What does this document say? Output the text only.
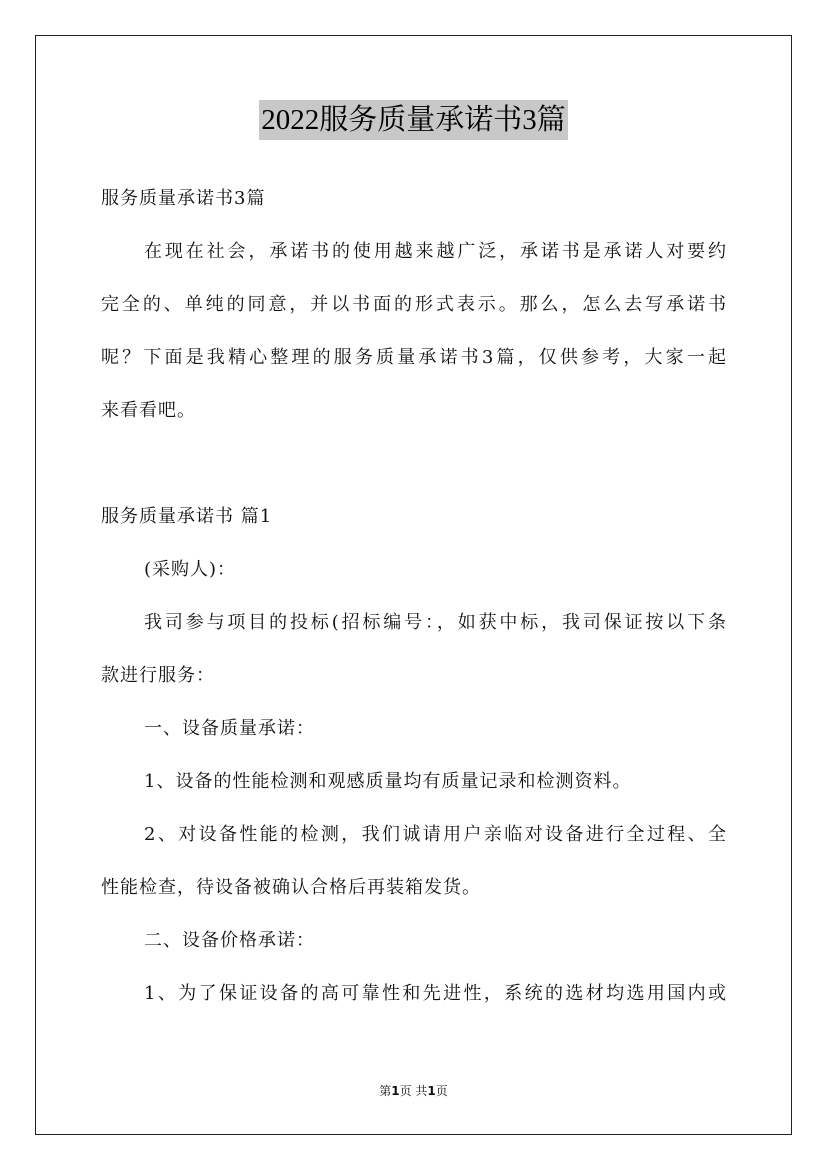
2022服务质量承诺书3篇
服务质量承诺书3篇
在现在社会，承诺书的使用越来越广泛，承诺书是承诺人对要约
完全的、单纯的同意，并以书面的形式表示。那么，怎么去写承诺书
呢？下面是我精心整理的服务质量承诺书3篇，仅供参考，大家一起
来看看吧。
服务质量承诺书 篇1
(采购人)：
我司参与项目的投标(招标编号：，如获中标，我司保证按以下条
款进行服务：
一、设备质量承诺：
1、设备的性能检测和观感质量均有质量记录和检测资料。
2、对设备性能的检测，我们诚请用户亲临对设备进行全过程、全
性能检查，待设备被确认合格后再装箱发货。
二、设备价格承诺：
1、为了保证设备的高可靠性和先进性，系统的选材均选用国内或
第1页 共1页
